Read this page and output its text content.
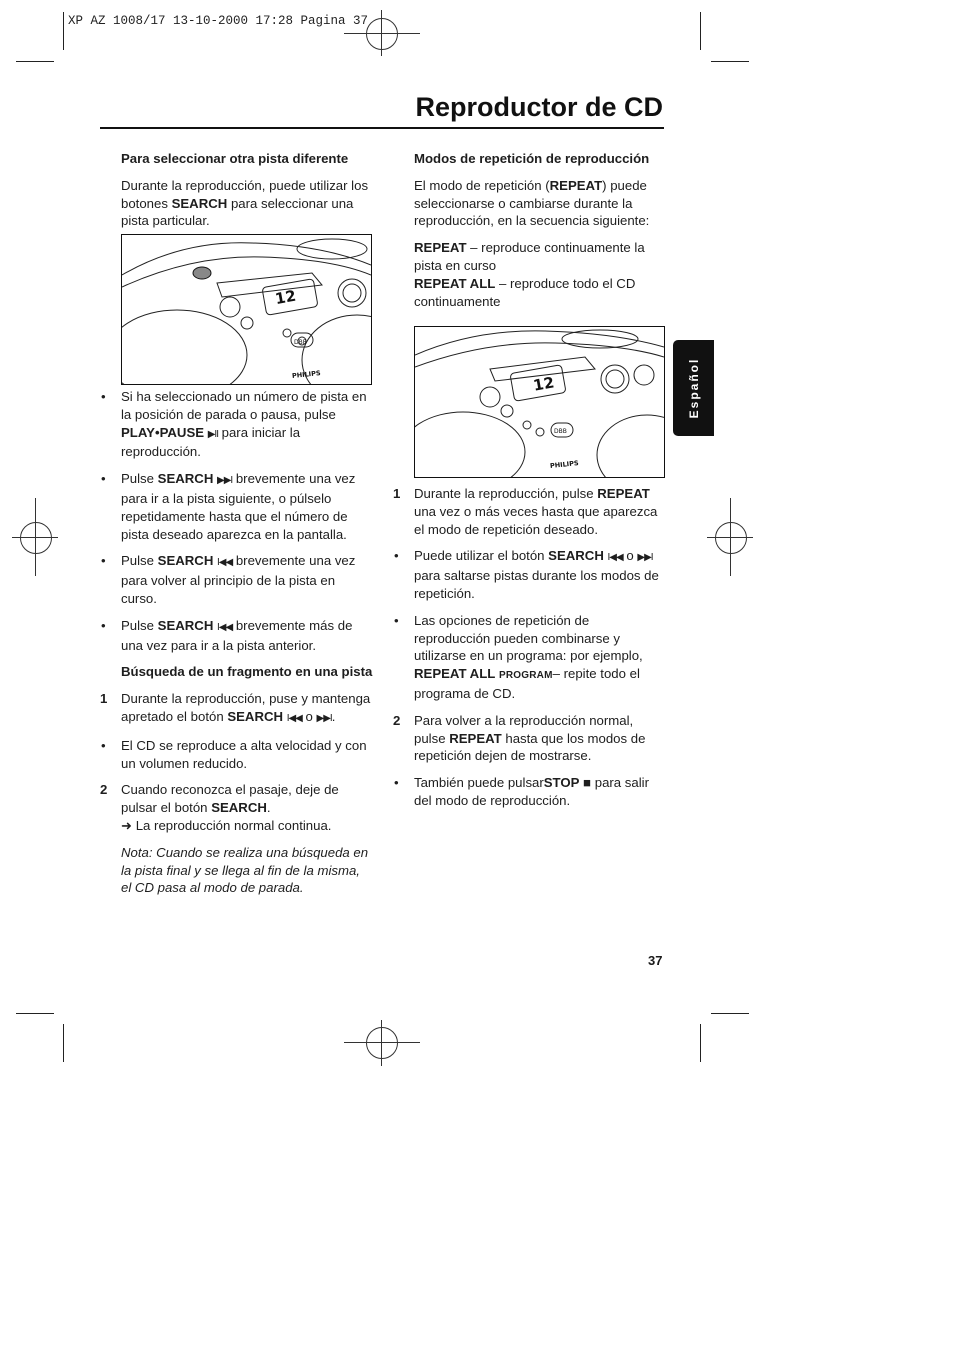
XP AZ 1008/17 13-10-2000 17:28 Pagina 37
Reproductor de CD
Español

Para seleccionar otra pista diferente

Durante la reproducción, puede utilizar los botones SEARCH para seleccionar una pista particular.

12
DBB
PHILIPS

• Si ha seleccionado un número de pista en la posición de parada o pausa, pulse PLAY•PAUSE ▶II para iniciar la reproducción.

• Pulse SEARCH ▶▶I brevemente una vez para ir a la pista siguiente, o púlselo repetidamente hasta que el número de pista deseado aparezca en la pantalla.

• Pulse SEARCH I◀◀ brevemente una vez para volver al principio de la pista en curso.

• Pulse SEARCH I◀◀ brevemente más de una vez para ir a la pista anterior.

Búsqueda de un fragmento en una pista

1 Durante la reproducción, puse y mantenga apretado el botón SEARCH I◀◀ o ▶▶I.

• El CD se reproduce a alta velocidad y con un volumen reducido.

2 Cuando reconozca el pasaje, deje de pulsar el botón SEARCH.
➜ La reproducción normal continua.

Nota: Cuando se realiza una búsqueda en la pista final y se llega al fin de la misma, el CD pasa al modo de parada.

Modos de repetición de reproducción

El modo de repetición (REPEAT) puede seleccionarse o cambiarse durante la reproducción, en la secuencia siguiente:

REPEAT – reproduce continuamente la pista en curso

REPEAT ALL – reproduce todo el CD continuamente

12
DBB
PHILIPS

1 Durante la reproducción, pulse REPEAT una vez o más veces hasta que aparezca el modo de repetición deseado.

• Puede utilizar el botón SEARCH I◀◀ o ▶▶I para saltarse pistas durante los modos de repetición.

• Las opciones de repetición de reproducción pueden combinarse y utilizarse en un programa: por ejemplo, REPEAT ALL PROGRAM– repite todo el programa de CD.

2 Para volver a la reproducción normal, pulse REPEAT hasta que los modos de repetición dejen de mostrarse.

• También puede pulsarSTOP ■ para salir del modo de reproducción.

37
